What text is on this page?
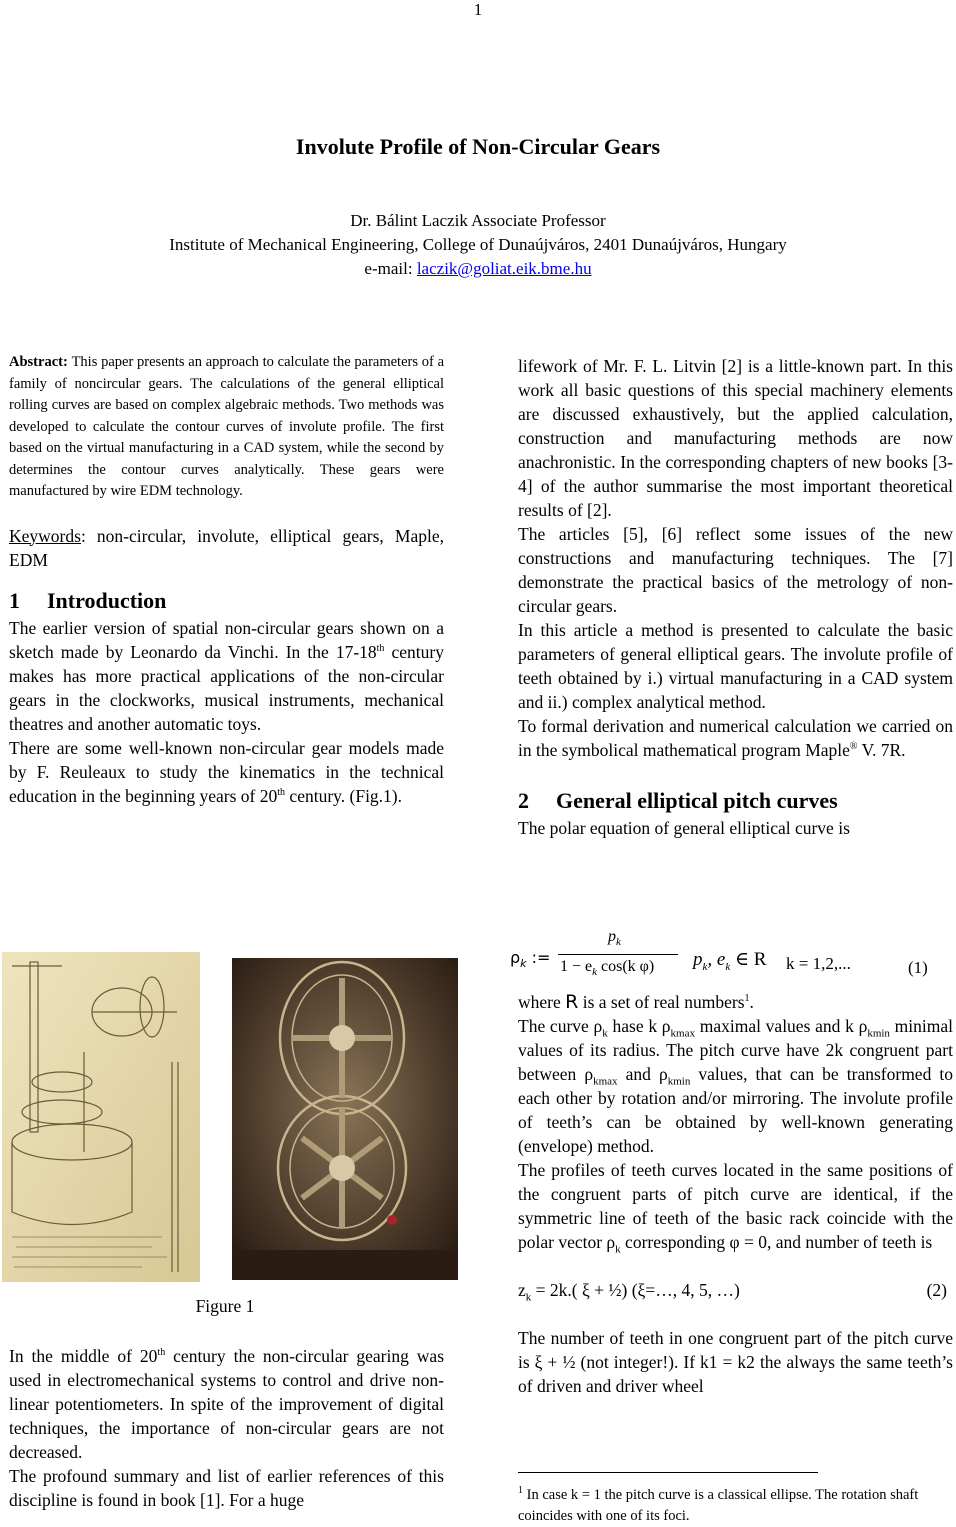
1
Involute Profile of Non-Circular Gears
Dr. Bálint Laczik Associate Professor
Institute of Mechanical Engineering, College of Dunaújváros, 2401 Dunaújváros, Hungary
e-mail: laczik@goliat.eik.bme.hu

Abstract: This paper presents an approach to calculate the parameters of a family of noncircular gears. The calculations of the general elliptical rolling curves are based on complex algebraic methods. Two methods was developed to calculate the contour curves of involute profile. The first based on the virtual manufacturing in a CAD system, while the second by determines the contour curves analytically. These gears were manufactured by wire EDM technology.

Keywords: non-circular, involute, elliptical gears, Maple, EDM

1 Introduction

The earlier version of spatial non-circular gears shown on a sketch made by Leonardo da Vinchi. In the 17-18th century makes has more practical applications of the non-circular gears in the clockworks, musical instruments, mechanical theatres and another automatic toys.

There are some well-known non-circular gear models made by F. Reuleaux to study the kinematics in the technical education in the beginning years of 20th century. (Fig.1).

Figure 1

In the middle of 20th century the non-circular gearing was used in electromechanical systems to control and drive non-linear potentiometers. In spite of the improvement of digital techniques, the importance of non-circular gears are not decreased.

The profound summary and list of earlier references of this discipline is found in book [1]. For a huge

lifework of Mr. F. L. Litvin [2] is a little-known part. In this work all basic questions of this special machinery elements are discussed exhaustively, but the applied calculation, construction and manufacturing methods are now anachronistic. In the corresponding chapters of new books [3-4] of the author summarise the most important theoretical results of [2].

The articles [5], [6] reflect some issues of the new constructions and manufacturing techniques. The [7] demonstrate the practical basics of the metrology of non-circular gears.

In this article a method is presented to calculate the basic parameters of general elliptical gears. The involute profile of teeth obtained by i.) virtual manufacturing in a CAD system and ii.) complex analytical method.

To formal derivation and numerical calculation we carried on in the symbolical mathematical program Maple® V. 7R.

2 General elliptical pitch curves

The polar equation of general elliptical curve is

$\rho_k$ :=
$p_k$
$1 - e_k$ cos(k φ) $p_k$, $e_k$ ∈ R k = 1,2,...	(1)

where R is a set of real numbers$^1$.

The curve $\rho_k$ hase k $\rho_{kmax}$ maximal values and k $\rho_{kmin}$ minimal values of its radius. The pitch curve have 2k congruent part between $\rho_{kmax}$ and $\rho_{kmin}$ values, that can be transformed to each other by rotation and/or mirroring. The involute profile of teeth’s can be obtained by well-known generating (envelope) method.

The profiles of teeth curves located in the same positions of the congruent parts of pitch curve are identical, if the symmetric line of teeth of the basic rack coincide with the polar vector $\rho_k$ corresponding φ = 0, and number of teeth is

$z_k = 2k$.( ξ + ½) (ξ=…, 4, 5, …)	(2)

The number of teeth in one congruent part of the pitch curve is ξ + ½ (not integer!). If k1 = k2 the always the same teeth’s of driven and driver wheel

$^1$ In case k = 1 the pitch curve is a classical ellipse. The rotation shaft coincides with one of its foci.
